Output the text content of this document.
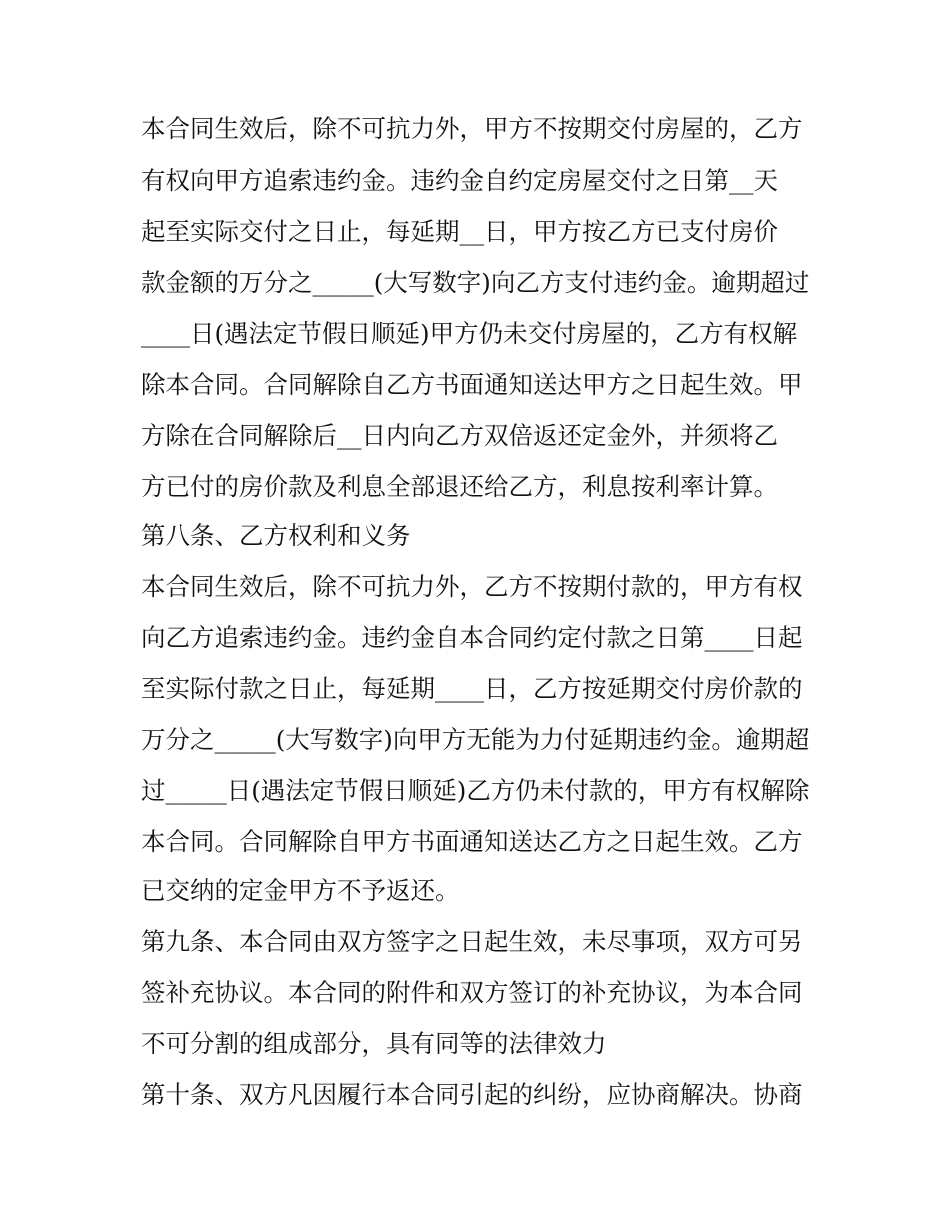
本合同生效后，除不可抗力外，甲方不按期交付房屋的，乙方
有权向甲方追索违约金。违约金自约定房屋交付之日第__天
起至实际交付之日止，每延期__日，甲方按乙方已支付房价
款金额的万分之_____(大写数字)向乙方支付违约金。逾期超过
____日(遇法定节假日顺延)甲方仍未交付房屋的，乙方有权解
除本合同。合同解除自乙方书面通知送达甲方之日起生效。甲
方除在合同解除后__日内向乙方双倍返还定金外，并须将乙
方已付的房价款及利息全部退还给乙方，利息按利率计算。
第八条、乙方权利和义务
本合同生效后，除不可抗力外，乙方不按期付款的，甲方有权
向乙方追索违约金。违约金自本合同约定付款之日第____日起
至实际付款之日止，每延期____日，乙方按延期交付房价款的
万分之_____(大写数字)向甲方无能为力付延期违约金。逾期超
过_____日(遇法定节假日顺延)乙方仍未付款的，甲方有权解除
本合同。合同解除自甲方书面通知送达乙方之日起生效。乙方
已交纳的定金甲方不予返还。
第九条、本合同由双方签字之日起生效，未尽事项，双方可另
签补充协议。本合同的附件和双方签订的补充协议，为本合同
不可分割的组成部分，具有同等的法律效力
第十条、双方凡因履行本合同引起的纠纷，应协商解决。协商
